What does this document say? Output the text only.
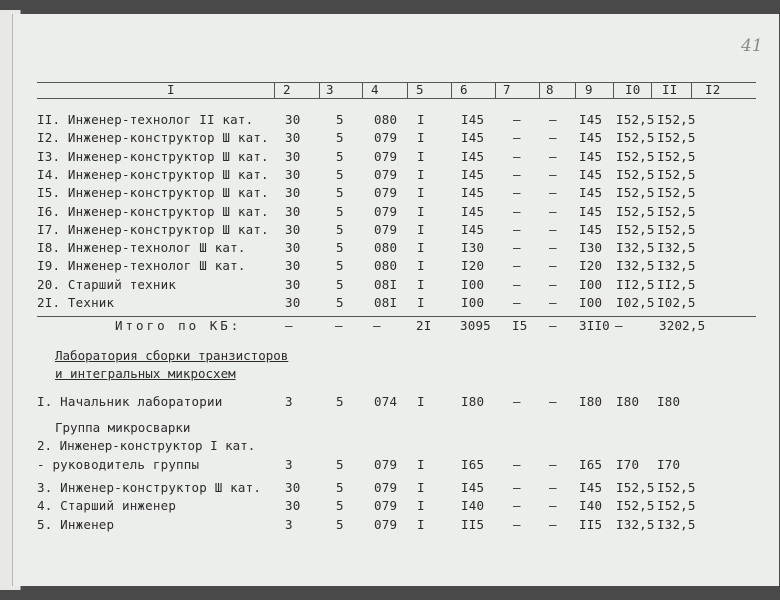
41
I	2	3	4	5	6	7	8	9	I0 II I2
II. Инженер-технолог II кат.	30	5 080 I	I45 – – I45 I52,5 I52,5
I2. Инженер-конструктор Ш кат. 30	5 079 I	I45 – – I45 I52,5 I52,5
I3. Инженер-конструктор Ш кат. 30	5 079 I	I45 – – I45 I52,5 I52,5
I4. Инженер-конструктор Ш кат. 30	5 079 I	I45 – – I45 I52,5 I52,5
I5. Инженер-конструктор Ш кат. 30	5 079 I	I45 – – I45 I52,5 I52,5
I6. Инженер-конструктор Ш кат. 30	5 079 I	I45 – – I45 I52,5 I52,5
I7. Инженер-конструктор Ш кат. 30	5 079 I	I45 – – I45 I52,5 I52,5
I8. Инженер-технолог Ш кат.	30	5 080 I	I30 – – I30 I32,5 I32,5
I9. Инженер-технолог Ш кат.	30	5 080 I	I20 – – I20 I32,5 I32,5
20. Старший техник	30	5 08I I	I00 – – I00 II2,5 II2,5
2I. Техник	30	5 08I I	I00 – – I00 I02,5 I02,5
Итого по КБ:	–	– –	2I 3095 I5 – 3II0 –	3202,5
Лаборатория сборки транзисторов
и интегральных микросхем
I. Начальник лаборатории	3	5 074 I	I80 – – I80 I80 I80
Группа микросварки
2. Инженер-конструктор I кат.
- руководитель группы	3	5 079 I	I65 – – I65 I70 I70
3. Инженер-конструктор Ш кат. 30	5 079 I	I45 – – I45 I52,5 I52,5
4. Старший инженер	30	5 079 I	I40 – – I40 I52,5 I52,5
5. Инженер	3	5 079 I	II5 – – II5 I32,5 I32,5
